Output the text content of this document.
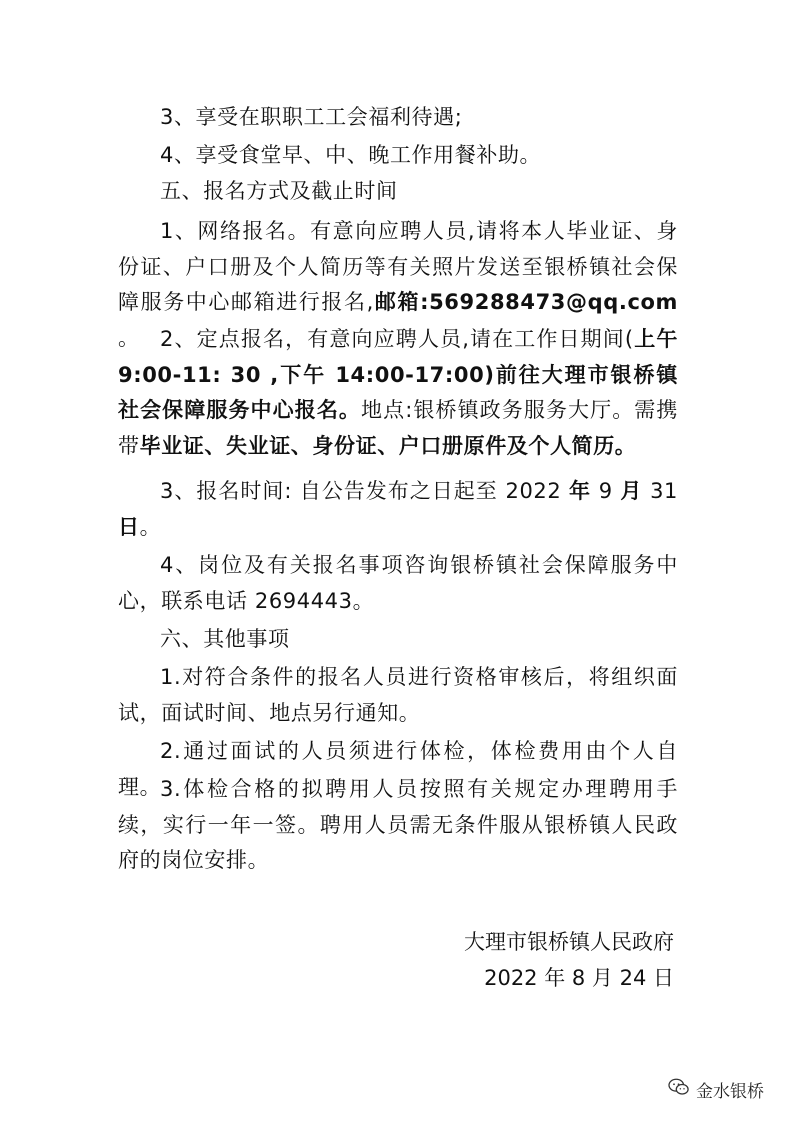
3、享受在职职工工会福利待遇;

4、享受食堂早、中、晚工作用餐补助。

五、报名方式及截止时间

1、网络报名。有意向应聘人员,请将本人毕业证、身份证、户口册及个人简历等有关照片发送至银桥镇社会保障服务中心邮箱进行报名,邮箱:569288473@qq.com 。 2、定点报名，有意向应聘人员,请在工作日期间(上午 9:00-11: 30 ,下午 14:00-17:00)前往大理市银桥镇社会保障服务中心报名。地点:银桥镇政务服务大厅。需携带毕业证、失业证、身份证、户口册原件及个人简历。

3、报名时间: 自公告发布之日起至 2022 年 9 月 31日。

4、岗位及有关报名事项咨询银桥镇社会保障服务中心，联系电话 2694443。

六、其他事项

1.对符合条件的报名人员进行资格审核后，将组织面试，面试时间、地点另行通知。

2.通过面试的人员须进行体检，体检费用由个人自理。

3.体检合格的拟聘用人员按照有关规定办理聘用手续，实行一年一签。聘用人员需无条件服从银桥镇人民政府的岗位安排。

大理市银桥镇人民政府
2022 年 8 月 24 日
金水银桥
